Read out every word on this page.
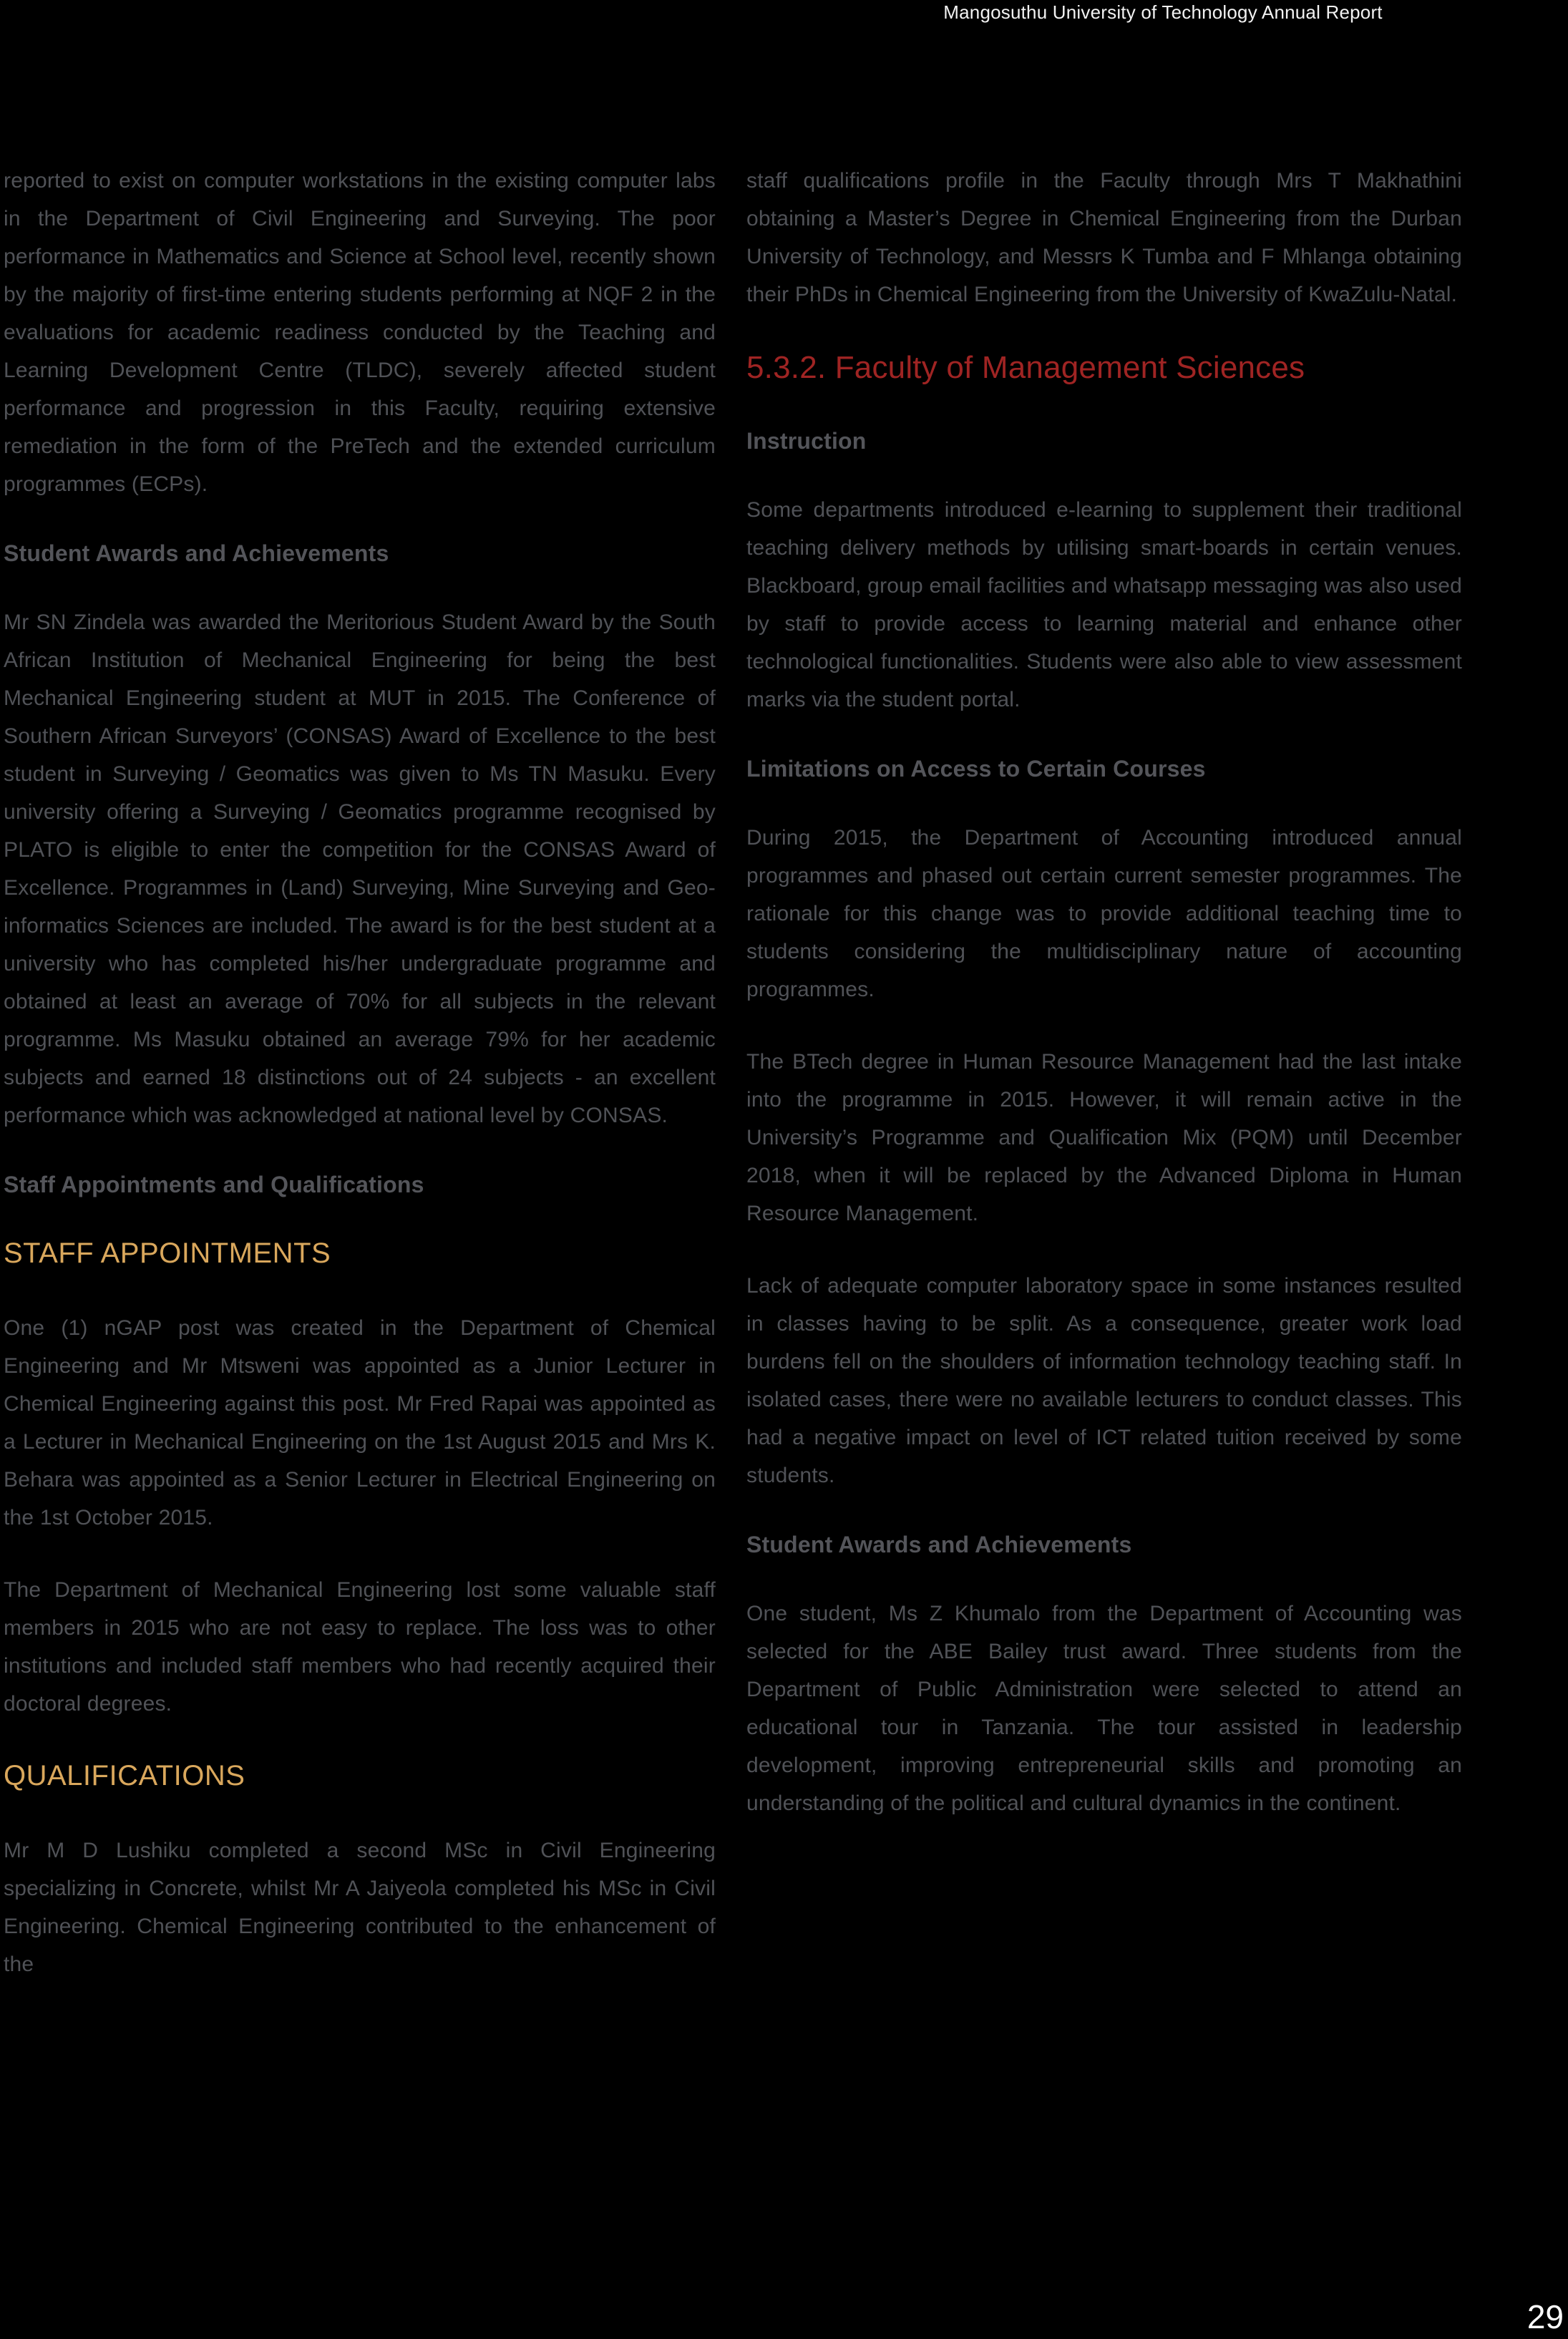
Mangosuthu University of Technology Annual Report

reported to exist on computer workstations in the existing computer labs in the Department of Civil Engineering and Surveying. The poor performance in Mathematics and Science at School level, recently shown by the majority of first-time entering students performing at NQF 2 in the evaluations for academic readiness conducted by the Teaching and Learning Development Centre (TLDC), severely affected student performance and progression in this Faculty, requiring extensive remediation in the form of the PreTech and the extended curriculum programmes (ECPs).

Student Awards and Achievements

Mr SN Zindela was awarded the Meritorious Student Award by the South African Institution of Mechanical Engineering for being the best Mechanical Engineering student at MUT in 2015. The Conference of Southern African Surveyors’ (CONSAS) Award of Excellence to the best student in Surveying / Geomatics was given to Ms TN Masuku. Every university offering a Surveying / Geomatics programme recognised by PLATO is eligible to enter the competition for the CONSAS Award of Excellence. Programmes in (Land) Surveying, Mine Surveying and Geo-informatics Sciences are included. The award is for the best student at a university who has completed his/her undergraduate programme and obtained at least an average of 70% for all subjects in the relevant programme. Ms Masuku obtained an average 79% for her academic subjects and earned 18 distinctions out of 24 subjects - an excellent performance which was acknowledged at national level by CONSAS.

Staff Appointments and Qualifications
STAFF APPOINTMENTS

One (1) nGAP post was created in the Department of Chemical Engineering and Mr Mtsweni was appointed as a Junior Lecturer in Chemical Engineering against this post. Mr Fred Rapai was appointed as a Lecturer in Mechanical Engineering on the 1st August 2015 and Mrs K. Behara was appointed as a Senior Lecturer in Electrical Engineering on the 1st October 2015.

The Department of Mechanical Engineering lost some valuable staff members in 2015 who are not easy to replace. The loss was to other institutions and included staff members who had recently acquired their doctoral degrees.

QUALIFICATIONS

Mr M D Lushiku completed a second MSc in Civil Engineering specializing in Concrete, whilst Mr A Jaiyeola completed his MSc in Civil Engineering. Chemical Engineering contributed to the enhancement of the

staff qualifications profile in the Faculty through Mrs T Makhathini obtaining a Master’s Degree in Chemical Engineering from the Durban University of Technology, and Messrs K Tumba and F Mhlanga obtaining their PhDs in Chemical Engineering from the University of KwaZulu-Natal.

5.3.2. Faculty of Management Sciences
Instruction

Some departments introduced e-learning to supplement their traditional teaching delivery methods by utilising smart-boards in certain venues. Blackboard, group email facilities and whatsapp messaging was also used by staff to provide access to learning material and enhance other technological functionalities. Students were also able to view assessment marks via the student portal.

Limitations on Access to Certain Courses

During 2015, the Department of Accounting introduced annual programmes and phased out certain current semester programmes. The rationale for this change was to provide additional teaching time to students considering the multidisciplinary nature of accounting programmes.

The BTech degree in Human Resource Management had the last intake into the programme in 2015. However, it will remain active in the University’s Programme and Qualification Mix (PQM) until December 2018, when it will be replaced by the Advanced Diploma in Human Resource Management.

Lack of adequate computer laboratory space in some instances resulted in classes having to be split. As a consequence, greater work load burdens fell on the shoulders of information technology teaching staff. In isolated cases, there were no available lecturers to conduct classes. This had a negative impact on level of ICT related tuition received by some students.

Student Awards and Achievements

One student, Ms Z Khumalo from the Department of Accounting was selected for the ABE Bailey trust award. Three students from the Department of Public Administration were selected to attend an educational tour in Tanzania. The tour assisted in leadership development, improving entrepreneurial skills and promoting an understanding of the political and cultural dynamics in the continent.

29
